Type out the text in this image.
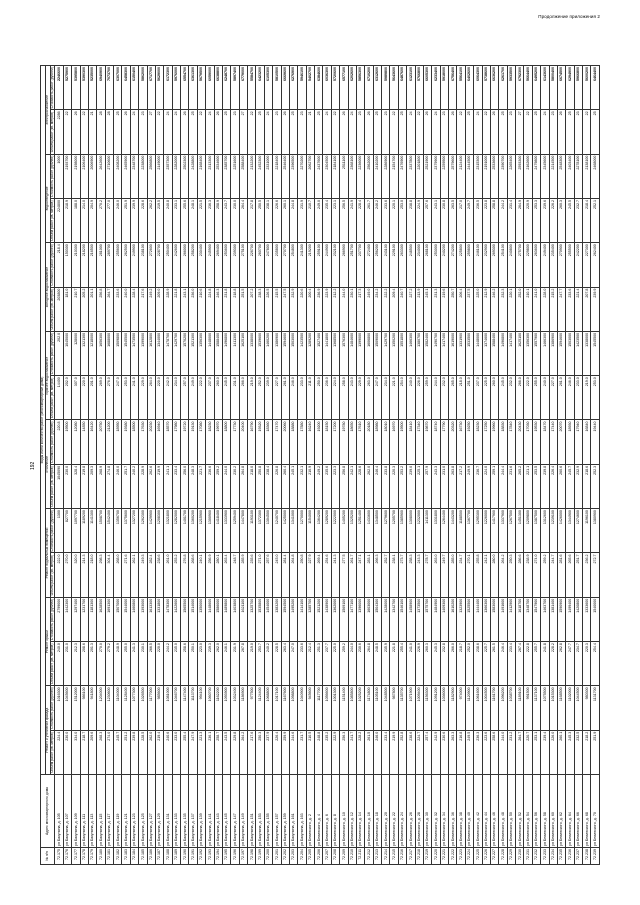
Продолжение приложения 2
192
№ п/п	Адрес многоквартирного дома	Виды и/или количество работ (многоквартирные дома)															
		Ремонт и утепление фасада		Ремонт крыши		Ремонт подвальных помещений		отопление		горячее водоснабжение		холодное водоснабжение		водоотведение		электроснабжение	
		Объем работ (кв. метров)	Стоимость работ (рублей)	Объем работ (кв. метров)	Стоимость работ (рублей)	Объем работ (кв. метров)	Стоимость работ (рублей)	Объем работ (кв. метров)	Стоимость работ (рублей)	Объем работ (кв. метров)	Стоимость работ (рублей)	Объем работ (кв. метров)	Стоимость работ (рублей)	Объем работ (кв. метров)	Стоимость работ (рублей)	Объем работ (кв. метров)	Стоимость работ (рублей)
72.175	ул Бакунина, д. 105	224.4	1016300	240.0	2799000	222.0	1300	1045090	220.8	14400	202.0	203800	218.4	224800	1000	2286	2246600
72.176	ул Бакунина, д. 107	230.0	1045600	231.0	1442300	270.0	827700	230.0	19500	202.0	1045000	181.0	150300	218.9	2193700	22	5275900
72.177	ул Бакунина, д. 109	334.0	1512000	212.3	1297400	320.0	1097700	328.4	12080	307.0	128000	210.7	210300	188.0	2198000	26	5395800
72.178	ул Бакунина, д. 111	218.7	986100	208.6	1231700	214.3	1189200	219.8	14850	220.0	1321300	205.2	218200	214.0	2106400	22	5390300
72.179	ул Бакунина, д. 113	209.6	941800	201.3	1181300	218.0	1141300	209.3	16420	201.0	1218000	201.1	216500	204.9	2006900	21	5235000
72.180	ул Бакунина, д. 115	268.3	1204000	270.0	1628500	298.3	1508700	268.9	20750	269.0	1656300	256.8	281000	270.2	2642600	28	6940900
72.181	ул Бакунина, д. 117	274.0	1230600	279.2	1691300	304.4	1542400	274.8	21200	276.0	1688000	264.7	289700	277.0	2710600	28	7073700
72.182	ул Бакунина, д. 119	245.7	1104000	248.9	1507000	268.0	1356700	246.0	18950	247.0	1509800	233.6	255600	246.0	2408200	25	6307000
72.183	ул Бакунина, д. 121	251.2	1128400	255.0	1544000	271.6	1375600	251.7	19380	253.0	1545500	240.0	262500	251.9	2465900	26	6458300
72.184	ул Бакунина, д. 123	239.8	1077300	241.3	1460800	262.1	1327200	240.2	18500	241.0	1473500	228.4	249900	239.9	2348700	24	6150400
72.185	ул Бакунина, д. 125	228.5	1026500	230.1	1393000	249.3	1262300	228.9	17630	229.0	1399000	217.6	238100	228.6	2238000	23	5862000
72.186	ул Бакунина, д. 127	262.0	1177000	266.5	1613300	282.4	1429900	262.6	20230	264.0	1612800	249.2	272600	262.2	2566800	27	6717700
72.187	ул Бакунина, д. 129	219.4	985600	220.0	1331800	238.6	1208300	219.9	16940	220.0	1344000	209.0	228700	219.5	2149000	22	5629000
72.188	ул Бакунина, д. 131	240.6	1081000	244.2	1478300	261.0	1321800	241.1	18570	242.0	1478700	228.9	250400	240.8	2357300	24	6172300
72.189	ул Бакунина, д. 133	233.0	1046700	235.0	1422600	253.2	1282000	233.4	17980	234.0	1429700	221.8	242600	233.1	2282000	24	5976000
72.190	ул Бакунина, д. 135	255.4	1147400	258.6	1565500	276.8	1401700	256.0	19720	257.0	1570200	243.1	266000	255.6	2502300	26	6554700
72.191	ул Бакунина, д. 137	247.9	1113700	250.1	1514000	268.6	1360200	248.3	19130	249.0	1521300	236.0	258200	248.1	2428800	25	6361300
72.192	ул Бакунина, д. 139	221.3	994100	223.0	1350000	240.1	1215900	221.7	17080	222.0	1356300	210.6	230400	221.5	2168400	22	5679500
72.193	ул Бакунина, д. 141	236.1	1060700	239.3	1448600	256.9	1300900	236.6	18230	237.0	1448000	224.8	245900	236.3	2313300	24	6059000
72.194	ул Бакунина, д. 143	258.7	1162200	262.0	1586000	280.1	1418400	259.2	19970	260.0	1588400	246.3	269400	258.9	2534600	26	6638800
72.195	ул Бакунина, д. 145	243.5	1093900	246.1	1489800	263.4	1333900	244.0	18800	245.0	1496800	231.8	253600	243.7	2385700	25	6248700
72.196	ул Бакунина, д. 147	229.8	1032400	231.9	1403800	248.7	1259400	230.2	17730	231.0	1411300	218.8	239300	230.0	2251600	23	5897400
72.197	ул Бакунина, д. 149	264.2	1186900	267.8	1621100	285.9	1447800	264.8	20400	266.0	1625100	251.5	275100	264.4	2588400	27	6779000
72.198	ул Бакунина, д. 151	217.6	977500	219.0	1325700	235.6	1193100	218.0	16790	219.0	1338000	207.2	226700	217.8	2132200	22	5584700
72.199	ул Бакунина, д. 153	250.3	1124400	253.7	1535800	271.0	1372300	250.8	19320	252.0	1539600	238.3	260700	250.5	2452300	25	6423200
72.200	ул Бакунина, д. 155	237.9	1068800	240.2	1454000	257.6	1304500	238.4	18360	239.0	1460200	226.5	247800	238.1	2331000	24	6105300
72.201	ул Бакунина, д. 157	226.4	1017100	228.5	1383200	245.0	1240700	226.8	17470	227.0	1386900	215.5	235800	226.6	2218400	23	5810500
72.202	ул Бакунина, д. 159	259.9	1167600	263.4	1594500	281.4	1425000	260.4	20060	261.0	1594600	247.5	270700	260.1	2546400	26	6669600
72.203	ул Бакунина, д. 161	244.6	1098800	247.0	1495200	264.8	1341000	245.1	18880	246.0	1503000	232.9	254800	244.8	2396500	25	6276900
72.204	ул Бакунина, д. 163	231.7	1040900	233.6	1414100	250.8	1270000	232.1	17880	233.0	1423500	220.6	241300	231.9	2270200	23	5946100
72.205	ул Белинского, д. 2	210.5	945600	212.4	1285700	227.9	1154000	210.9	16240	211.0	1289200	200.4	219200	210.7	2062700	21	5402700
72.206	ул Белинского, д. 4	248.8	1117700	251.3	1521200	269.4	1364200	249.2	19200	250.0	1527400	236.9	259100	249.0	2437600	25	6384600
72.207	ул Белинского, д. 6	235.2	1056600	237.7	1438900	254.6	1289200	235.6	18150	236.0	1441800	223.9	244900	235.4	2304500	24	6036300
72.208	ул Белинского, д. 8	222.9	1001300	225.0	1362000	241.3	1222000	223.3	17200	224.0	1368500	212.2	232100	223.1	2184100	22	5720600
72.209	ул Белинского, д. 10	256.3	1151400	259.2	1569100	277.5	1405200	256.8	19780	258.0	1576300	244.0	266900	256.5	2511100	26	6577100
72.210	ул Белинского, д. 12	241.7	1085800	244.0	1477100	261.7	1325200	242.1	18650	243.0	1484600	230.1	251700	241.9	2368100	24	6202600
72.211	ул Белинского, д. 14	228.2	1025200	230.6	1396000	247.1	1251400	228.6	17610	229.0	1399000	217.3	237700	228.4	2236000	23	5856300
72.212	ул Белинского, д. 16	261.5	1174800	264.8	1603000	283.1	1433600	262.0	20180	263.0	1606800	249.0	272400	261.7	2562000	26	6710200
72.213	ул Белинского, д. 18	246.0	1105100	248.5	1504300	266.3	1348500	246.4	18980	247.0	1509000	234.2	256200	246.2	2410200	25	6312600
72.214	ул Белинского, д. 20	233.4	1048500	235.9	1428000	252.7	1279600	233.8	18010	234.0	1429700	222.2	243100	233.6	2286900	23	5989800
72.215	ул Белинского, д. 22	219.9	987800	221.8	1342700	238.1	1205700	220.3	16970	221.0	1350200	209.4	229100	220.1	2154700	22	5643600
72.216	ул Белинского, д. 24	252.8	1135700	255.4	1546100	273.7	1385900	253.2	19500	254.0	1551800	240.7	263300	253.0	2476900	25	6487600
72.217	ул Белинского, д. 26	238.6	1071900	241.0	1458900	258.3	1308000	239.0	18410	240.0	1466300	227.2	248500	238.8	2337800	24	6123100
72.218	ул Белинского, д. 28	224.7	1009400	226.9	1373500	243.3	1232000	225.1	17340	226.0	1380700	213.9	234000	224.9	2201800	22	5766800
72.219	ул Белинского, д. 30	257.4	1156300	260.3	1575700	278.7	1411300	257.9	19870	259.0	1582400	245.1	268100	257.6	2521900	26	6605300
72.220	ул Белинского, д. 32	242.9	1091200	245.3	1484900	263.0	1331800	243.3	18740	244.0	1490700	231.3	253000	243.1	2379900	24	6233400
72.221	ул Белинского, д. 34	230.6	1036000	232.8	1409300	249.7	1264400	231.0	17790	232.0	1417400	219.6	240200	230.8	2259500	23	5918000
72.222	ул Белинского, д. 36	263.3	1182900	266.0	1610200	285.0	1443200	263.8	20320	265.0	1619000	250.7	274200	263.5	2579600	26	6756400
72.223	ул Белинского, д. 38	216.8	974000	218.7	1323900	234.7	1188500	217.2	16730	218.0	1331900	206.4	225800	217.0	2124400	22	5564100
72.224	ул Белинского, д. 40	249.5	1120900	252.0	1525500	270.1	1367700	249.9	19250	251.0	1533500	237.5	259800	249.7	2444500	25	6402600
72.225	ул Белинского, д. 42	236.3	1061600	238.6	1444400	255.8	1295300	236.7	18230	237.0	1448000	225.0	246100	236.5	2315300	24	6064300
72.226	ул Белинского, д. 44	223.6	1004500	225.7	1366300	242.1	1226000	224.0	17250	225.0	1374600	212.9	232900	223.8	2191000	22	5738600
72.227	ул Белинского, д. 46	258.6	1161700	261.5	1583000	280.0	1417900	259.1	19960	260.0	1588400	246.2	269300	258.8	2533600	26	6636200
72.228	ул Белинского, д. 48	244.0	1096200	246.4	1491600	264.2	1337900	244.4	18830	245.0	1496800	232.3	254100	244.2	2390700	25	6261700
72.229	ул Белинского, д. 50	231.2	1038700	233.4	1412900	250.3	1267500	231.6	17840	232.0	1417400	220.1	240800	231.4	2265400	23	5933500
72.230	ул Белинского, д. 52	264.7	1189100	267.4	1618700	286.6	1451300	265.2	20430	266.0	1625100	252.0	275700	264.9	2593300	27	6792300
72.231	ул Белинского, д. 54	220.7	991500	222.8	1348700	238.9	1209800	221.1	17030	222.0	1356300	210.1	229800	220.9	2162600	22	5664400
72.232	ул Белинского, д. 56	253.1	1137100	255.7	1547900	274.0	1387500	253.5	19530	255.0	1557900	241.0	263600	253.3	2479800	25	6495200
72.233	ул Белинского, д. 58	239.4	1075500	241.8	1463700	259.2	1312600	239.8	18470	240.0	1466300	228.0	249400	239.6	2345600	24	6143600
72.234	ул Белинского, д. 60	226.0	1015300	228.2	1381400	244.7	1239100	226.4	17440	227.0	1386900	215.2	235400	226.2	2214500	23	5800400
72.235	ул Белинского, д. 62	260.1	1168500	262.8	1590900	281.6	1426000	260.6	20070	261.0	1594600	247.7	270900	260.3	2548300	26	6674500
72.236	ул Белинского, д. 64	245.3	1102000	247.7	1499400	265.6	1344900	245.7	18930	246.0	1503000	233.6	255500	245.5	2403400	25	6294900
72.237	ул Белинского, д. 66	232.5	1044500	234.7	1420800	251.7	1274600	232.9	17940	233.0	1423500	221.4	242200	232.7	2278100	23	5966800
72.238	ул Белинского, д. 68	218.2	980300	220.3	1333600	236.2	1196100	218.6	16840	219.0	1338000	207.8	227300	218.4	2138100	22	5600200
72.239	ул Белинского, д. 70	251.9	1131700	254.4	1540000	272.7	1380900	252.3	19440	253.0	1545500	239.9	262400	252.1	2468000	25	6464400
